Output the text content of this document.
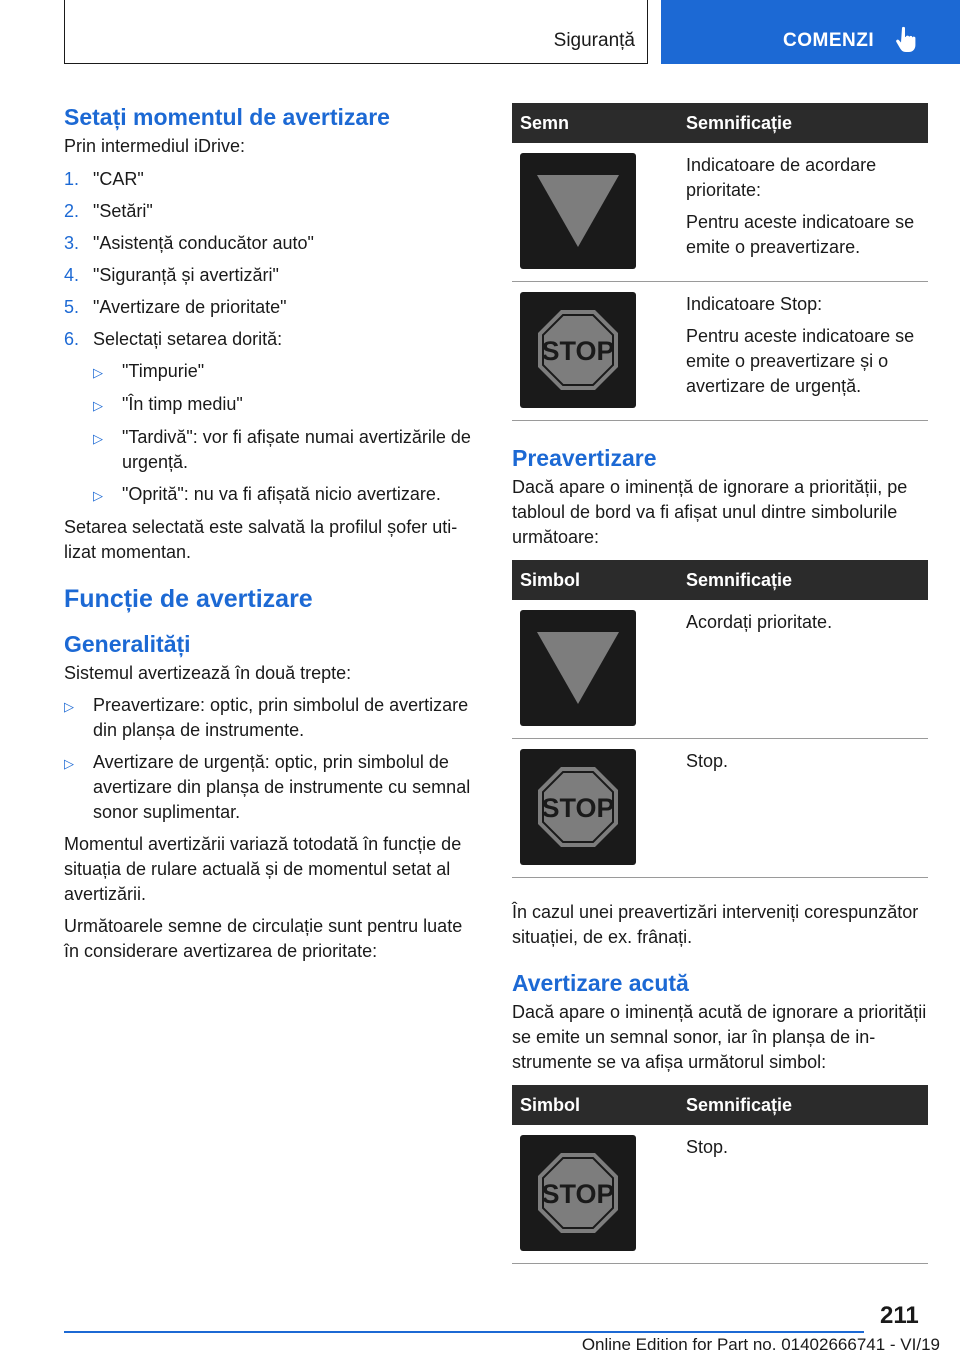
Siguranță	COMENZI
Setați momentul de avertizare

Prin intermediul iDrive:

1. "CAR"
2. "Setări"
3. "Asistență conducător auto"
4. "Siguranță și avertizări"
5. "Avertizare de prioritate"
6. Selectați setarea dorită:
▷	"Timpurie"
▷	"În timp mediu"
▷	"Tardivă": vor fi afișate numai avertizările de urgență.
▷	"Oprită": nu va fi afișată nicio avertizare.

Setarea selectată este salvată la profilul șofer utilizat momentan.

Funcție de avertizare
Generalități

Sistemul avertizează în două trepte:

▷	Preavertizare: optic, prin simbolul de avertizare din planșa de instrumente.
▷	Avertizare de urgență: optic, prin simbolul de avertizare din planșa de instrumente cu semnal sonor suplimentar.

Momentul avertizării variază totodată în funcție de situația de rulare actuală și de momentul setat al avertizării.

Următoarele semne de circulație sunt pentru luate în considerare avertizarea de prioritate:

Semn	Semnificație

Indicatoare de acordare prioritate:

Pentru aceste indicatoare se emite o preavertizare.

STOP	Indicatoare Stop:

Pentru aceste indicatoare se emite o preavertizare și o avertizare de urgență.

Preavertizare

Dacă apare o iminență de ignorare a priorității, pe tabloul de bord va fi afișat unul dintre simbolurile următoare:

Simbol	Semnificație

Acordați prioritate.

STOP	Stop.

În cazul unei preavertizări interveniți corespunzător situației, de ex. frânați.

Avertizare acută

Dacă apare o iminență acută de ignorare a priorității se emite un semnal sonor, iar în planșa de instrumente se va afișa următorul simbol:

Simbol	Semnificație

STOP	Stop.

211
Online Edition for Part no. 01402666741 - VI/19
